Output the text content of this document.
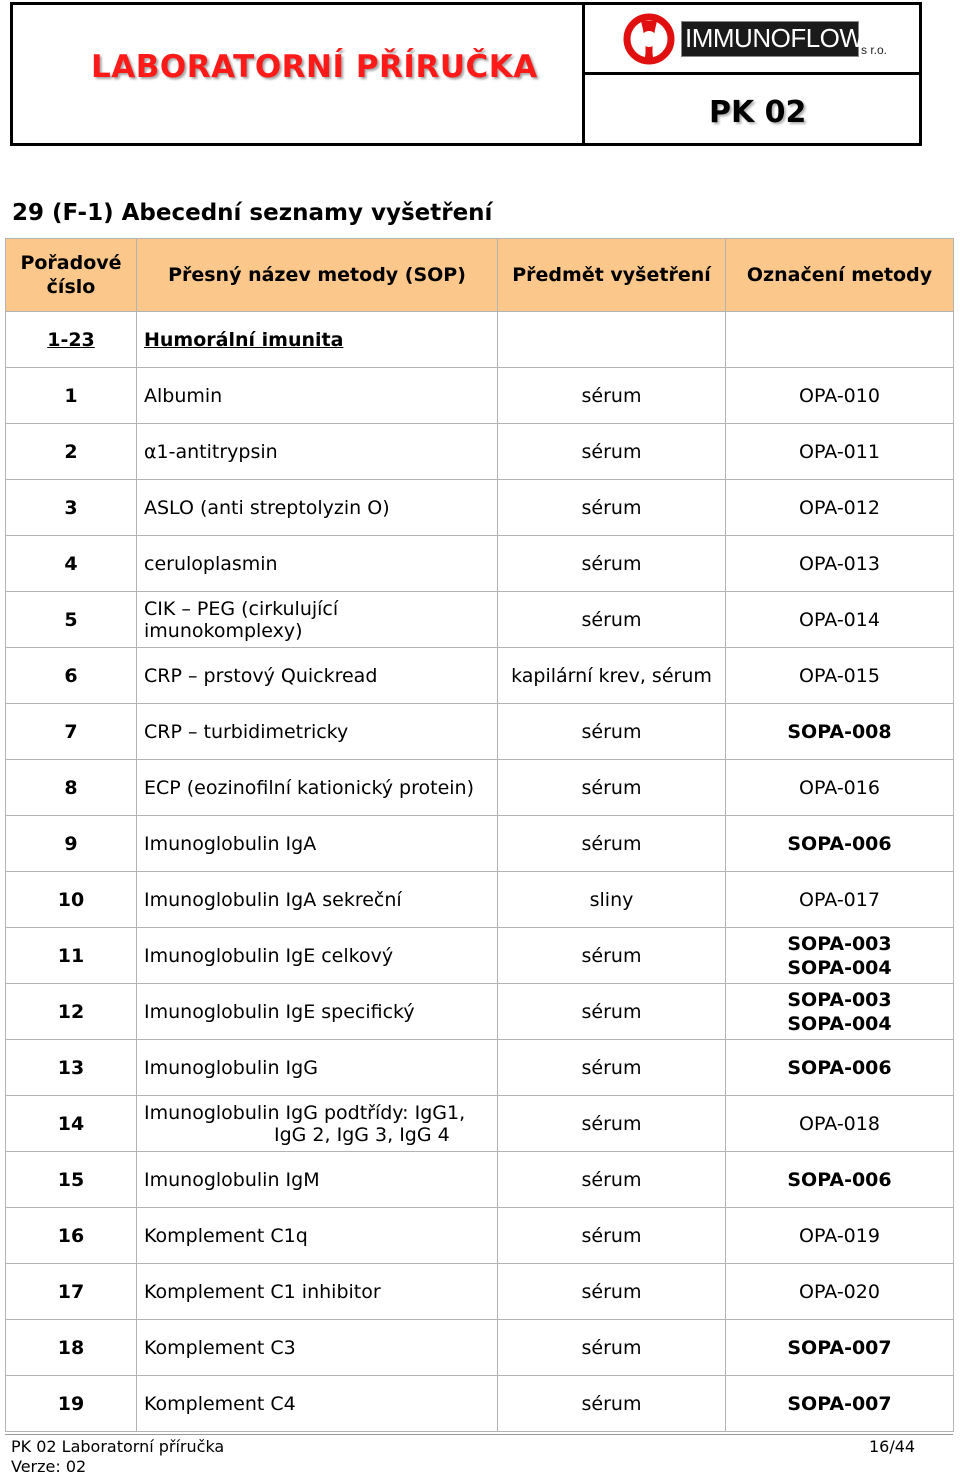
LABORATORNÍ PŘÍRUČKA
IMMUNOFLOW
s r.o.
PK 02
29 (F-1) Abecední seznamy vyšetření
Pořadové číslo	Přesný název metody (SOP)	Předmět vyšetření	Označení metody
1-23	Humorální imunita		
1	Albumin	sérum	OPA-010

2	α1-antitrypsin	sérum	OPA-011

3	ASLO (anti streptolyzin O)	sérum	OPA-012

4	ceruloplasmin	sérum	OPA-013

5	CIK – PEG (cirkulující imunokomplexy)	sérum	OPA-014

6	CRP – prstový Quickread	kapilární krev, sérum	OPA-015

7	CRP – turbidimetricky	sérum	SOPA-008

8	ECP (eozinofilní kationický protein)	sérum	OPA-016

9	Imunoglobulin IgA	sérum	SOPA-006

10	Imunoglobulin IgA sekreční	sliny	OPA-017

11	Imunoglobulin IgE celkový	sérum	SOPA-003
SOPA-004

12	Imunoglobulin IgE specifický	sérum	SOPA-003
SOPA-004

13	Imunoglobulin IgG	sérum	SOPA-006

14	Imunoglobulin IgG podtřídy: IgG1,
IgG 2, IgG 3, IgG 4	sérum	OPA-018

15	Imunoglobulin IgM	sérum	SOPA-006

16	Komplement C1q	sérum	OPA-019

17	Komplement C1 inhibitor	sérum	OPA-020

18	Komplement C3	sérum	SOPA-007

19	Komplement C4	sérum	SOPA-007
PK 02 Laboratorní příručka
Verze: 02
16/44
